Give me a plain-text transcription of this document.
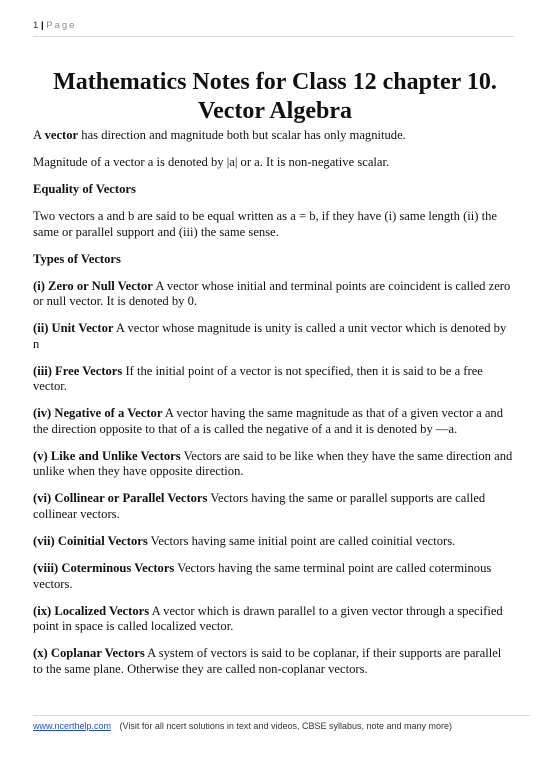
1 | Page
Mathematics Notes for Class 12 chapter 10.
Vector Algebra

A vector has direction and magnitude both but scalar has only magnitude.

Magnitude of a vector a is denoted by |a| or a. It is non-negative scalar.

Equality of Vectors

Two vectors a and b are said to be equal written as a = b, if they have (i) same length (ii) the same or parallel support and (iii) the same sense.

Types of Vectors

(i) Zero or Null Vector A vector whose initial and terminal points are coincident is called zero or null vector. It is denoted by 0.

(ii) Unit Vector A vector whose magnitude is unity is called a unit vector which is denoted by n

(iii) Free Vectors If the initial point of a vector is not specified, then it is said to be a free vector.

(iv) Negative of a Vector A vector having the same magnitude as that of a given vector a and the direction opposite to that of a is called the negative of a and it is denoted by —a.

(v) Like and Unlike Vectors Vectors are said to be like when they have the same direction and unlike when they have opposite direction.

(vi) Collinear or Parallel Vectors Vectors having the same or parallel supports are called collinear vectors.

(vii) Coinitial Vectors Vectors having same initial point are called coinitial vectors.

(viii) Coterminous Vectors Vectors having the same terminal point are called coterminous vectors.

(ix) Localized Vectors A vector which is drawn parallel to a given vector through a specified point in space is called localized vector.

(x) Coplanar Vectors A system of vectors is said to be coplanar, if their supports are parallel to the same plane. Otherwise they are called non-coplanar vectors.

www.ncerthelp.com (Visit for all ncert solutions in text and videos, CBSE syllabus, note and many more)
